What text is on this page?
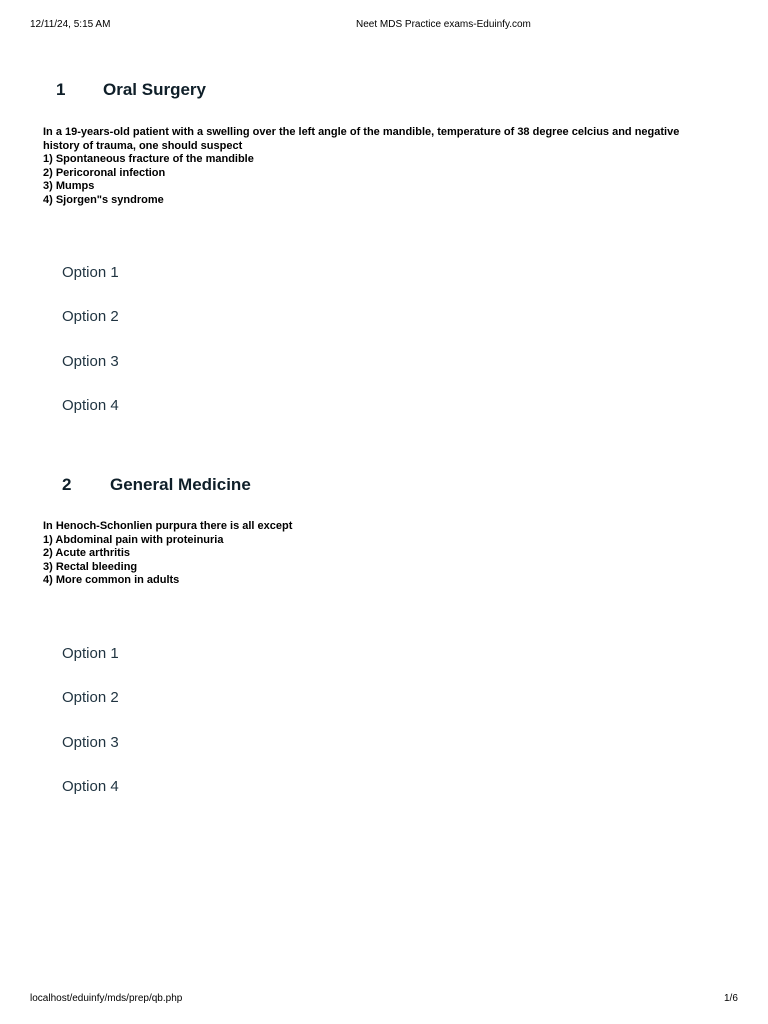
12/11/24, 5:15 AM	Neet MDS Practice exams-Eduinfy.com
1 Oral Surgery
In a 19-years-old patient with a swelling over the left angle of the mandible, temperature of 38 degree celcius and negative
history of trauma, one should suspect
1) Spontaneous fracture of the mandible
2) Pericoronal infection
3) Mumps
4) Sjorgen"s syndrome
Option 1
Option 2
Option 3
Option 4
2 General Medicine
In Henoch-Schonlien purpura there is all except
1) Abdominal pain with proteinuria
2) Acute arthritis
3) Rectal bleeding
4) More common in adults
Option 1
Option 2
Option 3
Option 4
localhost/eduinfy/mds/prep/qb.php	1/6
